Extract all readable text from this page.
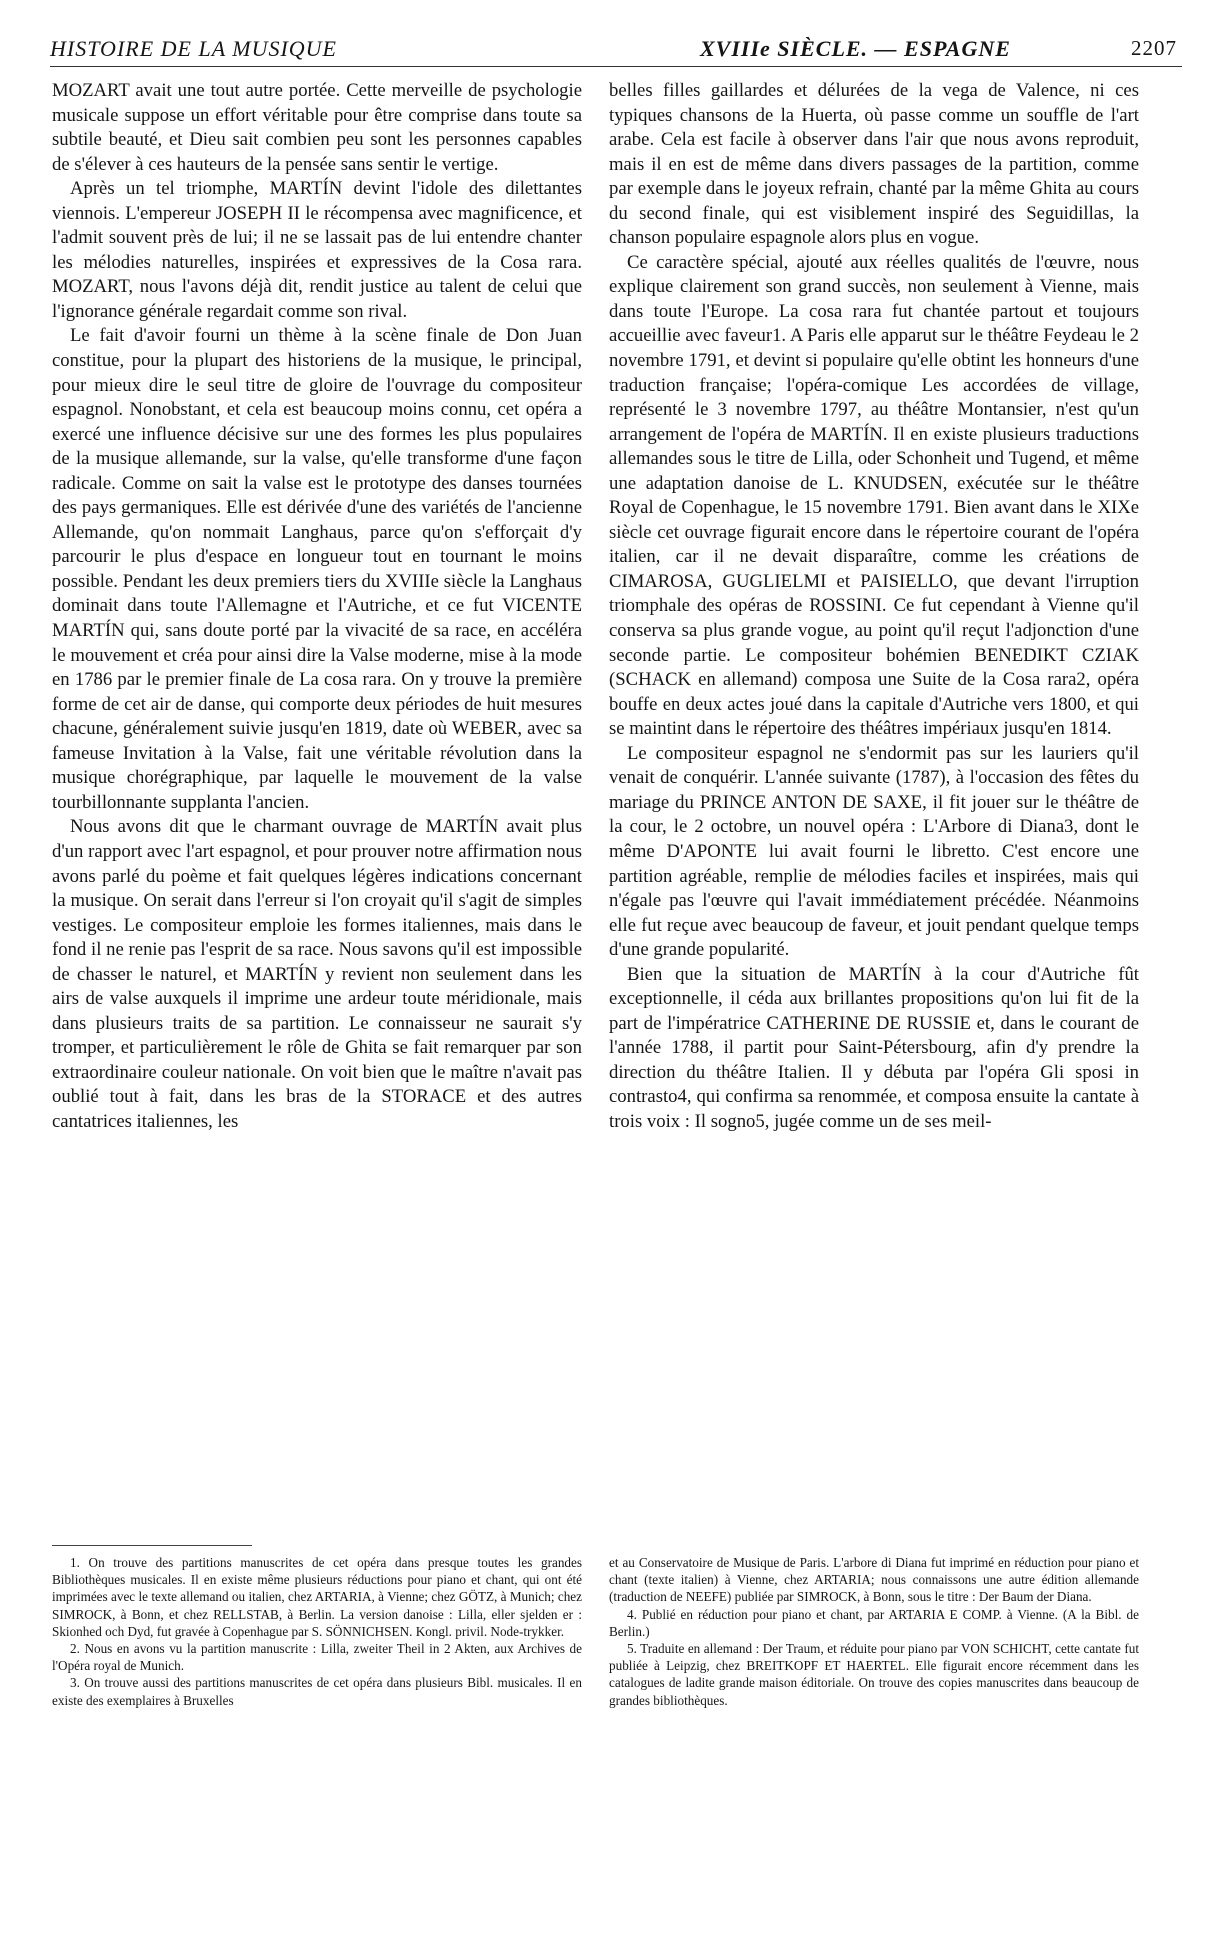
HISTOIRE DE LA MUSIQUE	XVIIIe SIÈCLE. — ESPAGNE	2207

MOZART avait une tout autre portée. Cette merveille de psychologie musicale suppose un effort véritable pour être comprise dans toute sa subtile beauté, et Dieu sait combien peu sont les personnes capables de s'élever à ces hauteurs de la pensée sans sentir le vertige.

Après un tel triomphe, MARTÍN devint l'idole des dilettantes viennois. L'empereur JOSEPH II le récompensa avec magnificence, et l'admit souvent près de lui; il ne se lassait pas de lui entendre chanter les mélodies naturelles, inspirées et expressives de la Cosa rara. MOZART, nous l'avons déjà dit, rendit justice au talent de celui que l'ignorance générale regardait comme son rival.

Le fait d'avoir fourni un thème à la scène finale de Don Juan constitue, pour la plupart des historiens de la musique, le principal, pour mieux dire le seul titre de gloire de l'ouvrage du compositeur espagnol. Nonobstant, et cela est beaucoup moins connu, cet opéra a exercé une influence décisive sur une des formes les plus populaires de la musique allemande, sur la valse, qu'elle transforme d'une façon radicale. Comme on sait la valse est le prototype des danses tournées des pays germaniques. Elle est dérivée d'une des variétés de l'ancienne Allemande, qu'on nommait Langhaus, parce qu'on s'efforçait d'y parcourir le plus d'espace en longueur tout en tournant le moins possible. Pendant les deux premiers tiers du XVIIIe siècle la Langhaus dominait dans toute l'Allemagne et l'Autriche, et ce fut VICENTE MARTÍN qui, sans doute porté par la vivacité de sa race, en accéléra le mouvement et créa pour ainsi dire la Valse moderne, mise à la mode en 1786 par le premier finale de La cosa rara. On y trouve la première forme de cet air de danse, qui comporte deux périodes de huit mesures chacune, généralement suivie jusqu'en 1819, date où WEBER, avec sa fameuse Invitation à la Valse, fait une véritable révolution dans la musique chorégraphique, par laquelle le mouvement de la valse tourbillonnante supplanta l'ancien.

Nous avons dit que le charmant ouvrage de MARTÍN avait plus d'un rapport avec l'art espagnol, et pour prouver notre affirmation nous avons parlé du poème et fait quelques légères indications concernant la musique. On serait dans l'erreur si l'on croyait qu'il s'agit de simples vestiges. Le compositeur emploie les formes italiennes, mais dans le fond il ne renie pas l'esprit de sa race. Nous savons qu'il est impossible de chasser le naturel, et MARTÍN y revient non seulement dans les airs de valse auxquels il imprime une ardeur toute méridionale, mais dans plusieurs traits de sa partition. Le connaisseur ne saurait s'y tromper, et particulièrement le rôle de Ghita se fait remarquer par son extraordinaire couleur nationale. On voit bien que le maître n'avait pas oublié tout à fait, dans les bras de la STORACE et des autres cantatrices italiennes, les

belles filles gaillardes et délurées de la vega de Valence, ni ces typiques chansons de la Huerta, où passe comme un souffle de l'art arabe. Cela est facile à observer dans l'air que nous avons reproduit, mais il en est de même dans divers passages de la partition, comme par exemple dans le joyeux refrain, chanté par la même Ghita au cours du second finale, qui est visiblement inspiré des Seguidillas, la chanson populaire espagnole alors plus en vogue.

Ce caractère spécial, ajouté aux réelles qualités de l'œuvre, nous explique clairement son grand succès, non seulement à Vienne, mais dans toute l'Europe. La cosa rara fut chantée partout et toujours accueillie avec faveur1. A Paris elle apparut sur le théâtre Feydeau le 2 novembre 1791, et devint si populaire qu'elle obtint les honneurs d'une traduction française; l'opéra-comique Les accordées de village, représenté le 3 novembre 1797, au théâtre Montansier, n'est qu'un arrangement de l'opéra de MARTÍN. Il en existe plusieurs traductions allemandes sous le titre de Lilla, oder Schonheit und Tugend, et même une adaptation danoise de L. KNUDSEN, exécutée sur le théâtre Royal de Copenhague, le 15 novembre 1791. Bien avant dans le XIXe siècle cet ouvrage figurait encore dans le répertoire courant de l'opéra italien, car il ne devait disparaître, comme les créations de CIMAROSA, GUGLIELMI et PAISIELLO, que devant l'irruption triomphale des opéras de ROSSINI. Ce fut cependant à Vienne qu'il conserva sa plus grande vogue, au point qu'il reçut l'adjonction d'une seconde partie. Le compositeur bohémien BENEDIKT CZIAK (SCHACK en allemand) composa une Suite de la Cosa rara2, opéra bouffe en deux actes joué dans la capitale d'Autriche vers 1800, et qui se maintint dans le répertoire des théâtres impériaux jusqu'en 1814.

Le compositeur espagnol ne s'endormit pas sur les lauriers qu'il venait de conquérir. L'année suivante (1787), à l'occasion des fêtes du mariage du PRINCE ANTON DE SAXE, il fit jouer sur le théâtre de la cour, le 2 octobre, un nouvel opéra : L'Arbore di Diana3, dont le même D'APONTE lui avait fourni le libretto. C'est encore une partition agréable, remplie de mélodies faciles et inspirées, mais qui n'égale pas l'œuvre qui l'avait immédiatement précédée. Néanmoins elle fut reçue avec beaucoup de faveur, et jouit pendant quelque temps d'une grande popularité.

Bien que la situation de MARTÍN à la cour d'Autriche fût exceptionnelle, il céda aux brillantes propositions qu'on lui fit de la part de l'impératrice CATHERINE DE RUSSIE et, dans le courant de l'année 1788, il partit pour Saint-Pétersbourg, afin d'y prendre la direction du théâtre Italien. Il y débuta par l'opéra Gli sposi in contrasto4, qui confirma sa renommée, et composa ensuite la cantate à trois voix : Il sogno5, jugée comme un de ses meil-

1. On trouve des partitions manuscrites de cet opéra dans presque toutes les grandes Bibliothèques musicales. Il en existe même plusieurs réductions pour piano et chant, qui ont été imprimées avec le texte allemand ou italien, chez ARTARIA, à Vienne; chez GÖTZ, à Munich; chez SIMROCK, à Bonn, et chez RELLSTAB, à Berlin. La version danoise : Lilla, eller sjelden er : Skionhed och Dyd, fut gravée à Copenhague par S. SÖNNICHSEN. Kongl. privil. Node-trykker.

2. Nous en avons vu la partition manuscrite : Lilla, zweiter Theil in 2 Akten, aux Archives de l'Opéra royal de Munich.

3. On trouve aussi des partitions manuscrites de cet opéra dans plusieurs Bibl. musicales. Il en existe des exemplaires à Bruxelles

et au Conservatoire de Musique de Paris. L'arbore di Diana fut imprimé en réduction pour piano et chant (texte italien) à Vienne, chez ARTARIA; nous connaissons une autre édition allemande (traduction de NEEFE) publiée par SIMROCK, à Bonn, sous le titre : Der Baum der Diana.

4. Publié en réduction pour piano et chant, par ARTARIA E COMP. à Vienne. (A la Bibl. de Berlin.)

5. Traduite en allemand : Der Traum, et réduite pour piano par VON SCHICHT, cette cantate fut publiée à Leipzig, chez BREITKOPF ET HAERTEL. Elle figurait encore récemment dans les catalogues de ladite grande maison éditoriale. On trouve des copies manuscrites dans beaucoup de grandes bibliothèques.
